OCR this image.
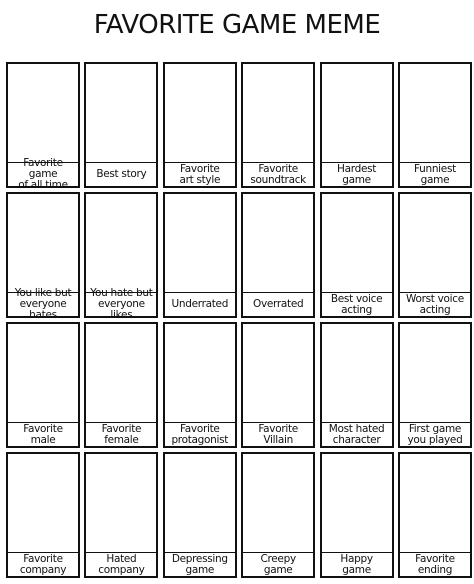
FAVORITE GAME MEME
Favorite game
of all time
Best story	Favorite
art style
Favorite
soundtrack
Hardest
game
Funniest
game
You like but
everyone hates
You hate but
everyone likes
Underrated	Overrated	Best voice
acting
Worst voice
acting
Favorite
male
Favorite
female
Favorite
protagonist
Favorite
Villain
Most hated
character
First game
you played
Favorite
company
Hated
company
Depressing
game
Creepy
game
Happy
game
Favorite
ending
